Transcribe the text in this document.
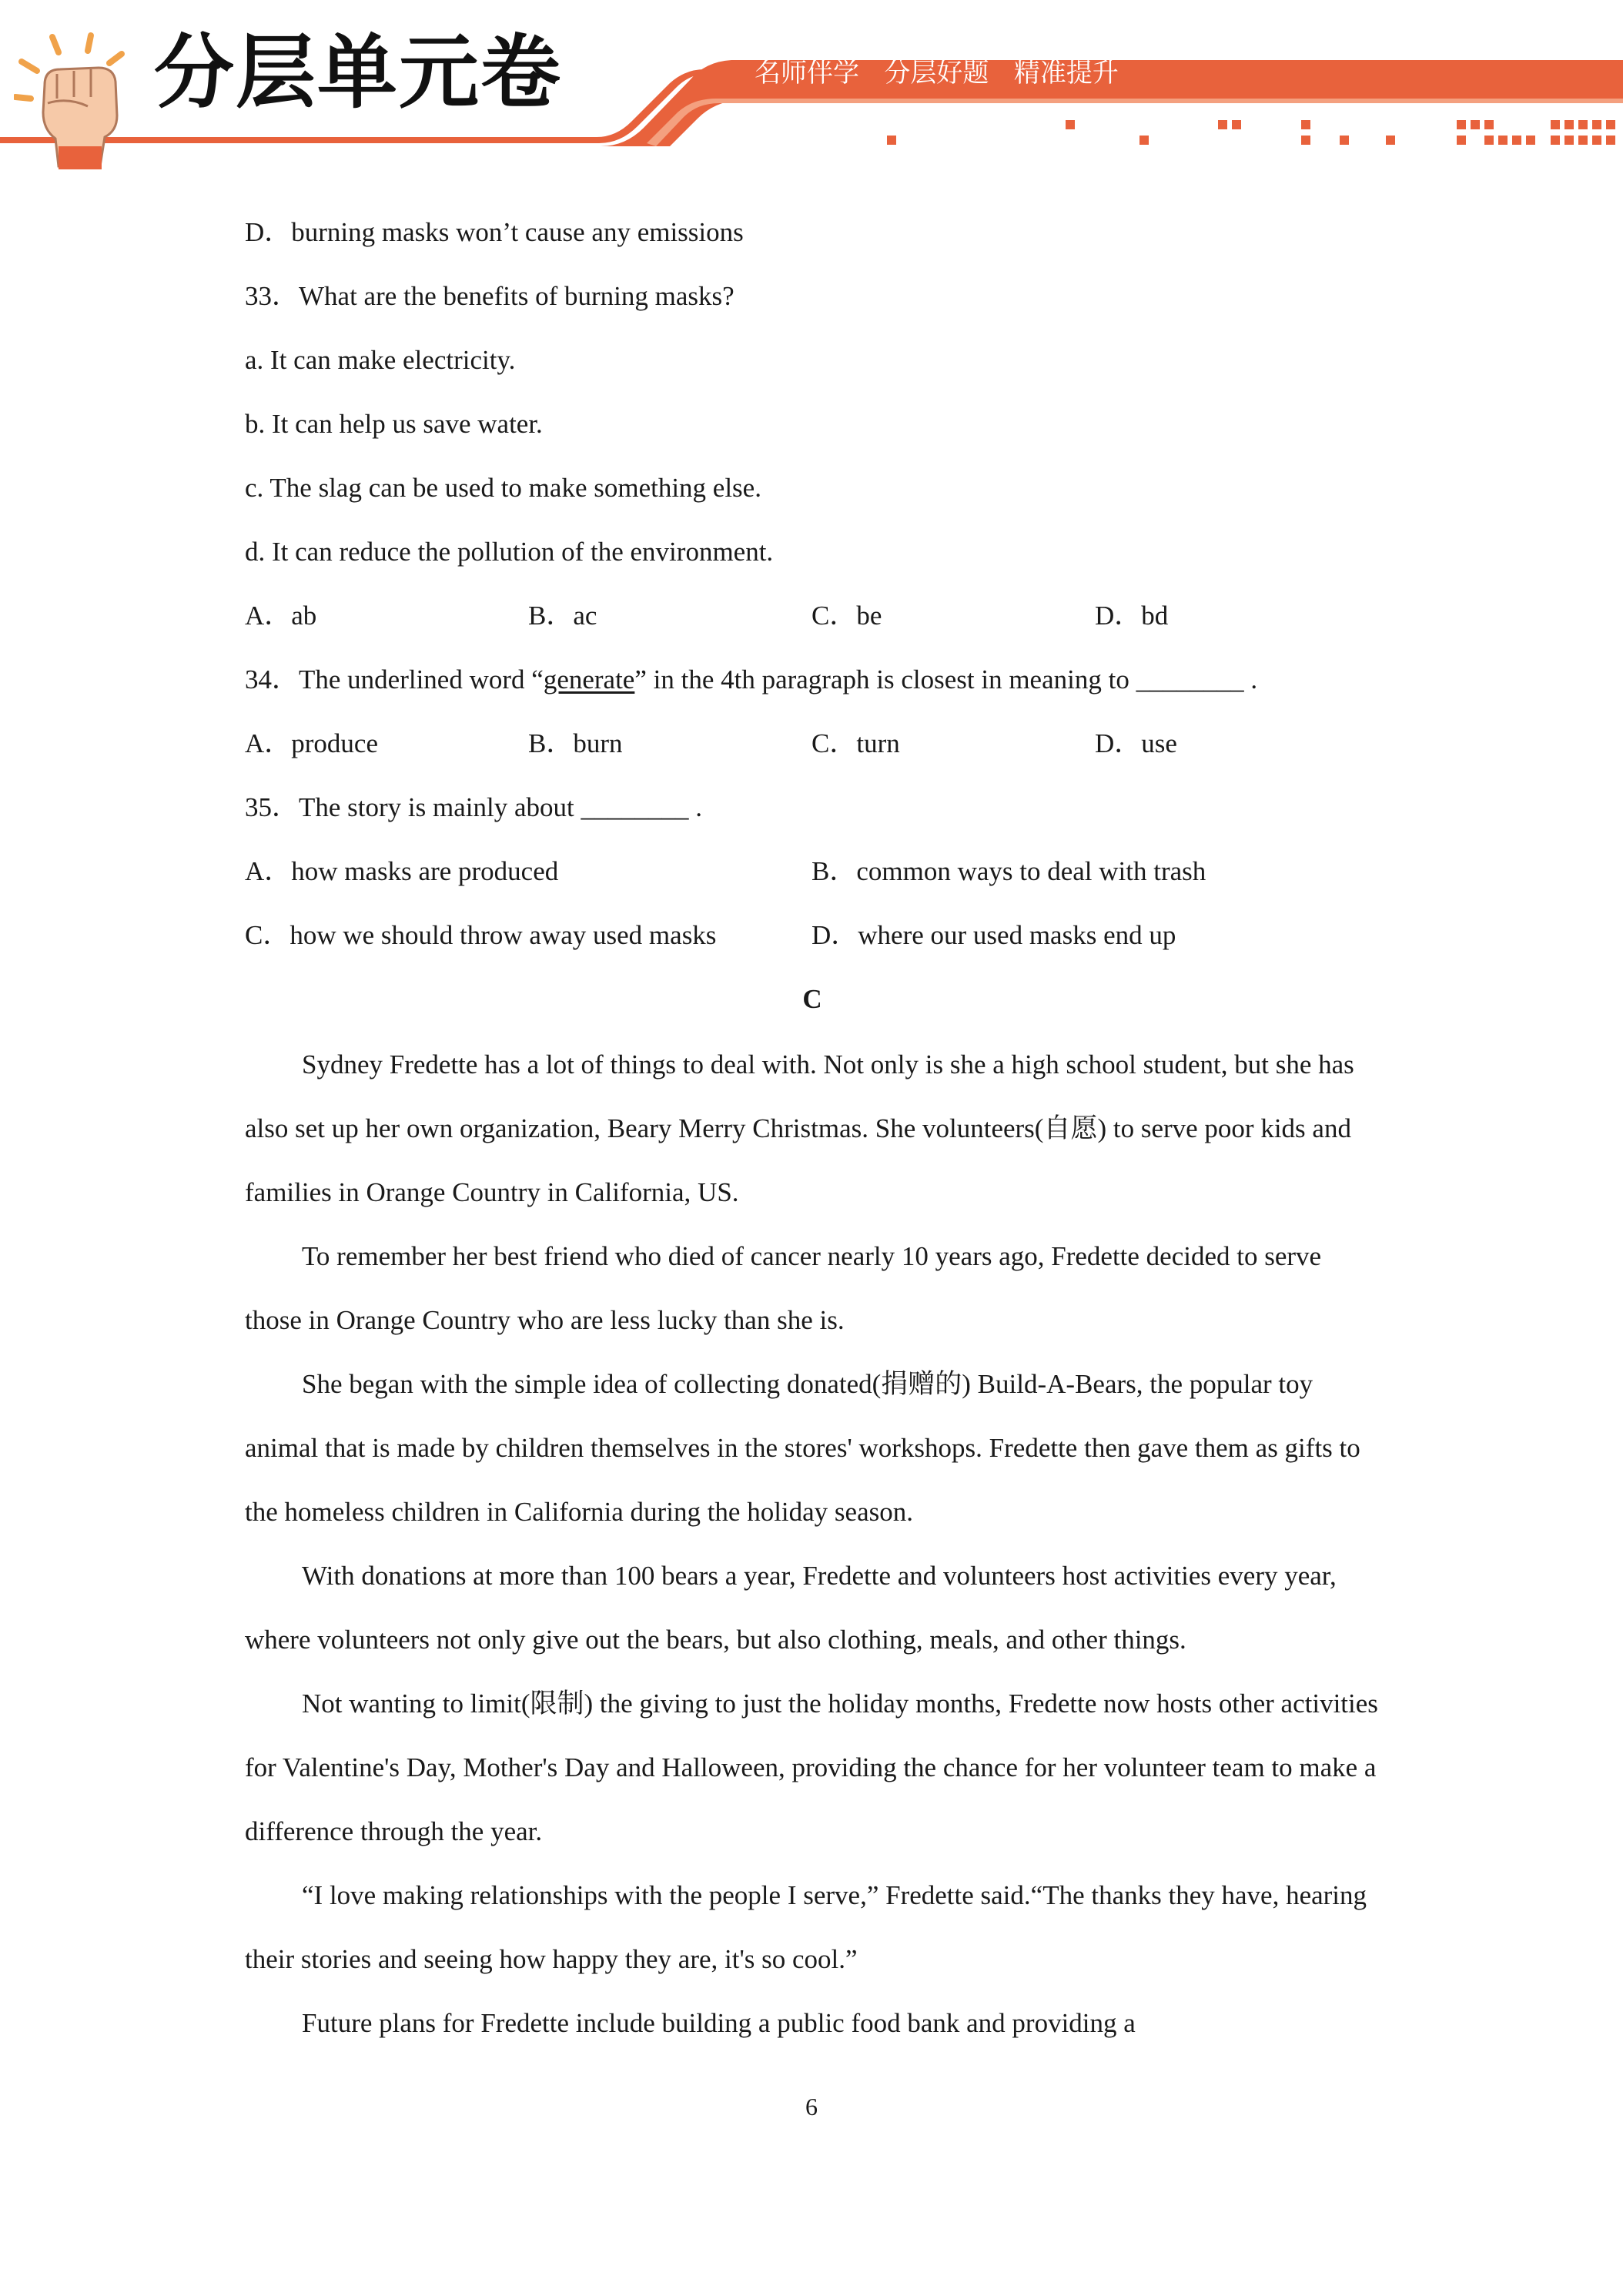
分层单元卷	名师伴学   分层好题   精准提升
D．burning masks won’t cause any emissions
33．What are the benefits of burning masks?
a. It can make electricity.
b. It can help us save water.
c. The slag can be used to make something else.
d. It can reduce the pollution of the environment.
A．ab	B．ac	C．be	D．bd
34．The underlined word “generate” in the 4th paragraph is closest in meaning to ________ .
A．produce	B．burn	C．turn	D．use
35．The story is mainly about ________ .
A．how masks are produced	B．common ways to deal with trash
C．how we should throw away used masks	D．where our used masks end up
C
Sydney Fredette has a lot of things to deal with. Not only is she a high school student, but she has also set up her own organization, Beary Merry Christmas. She volunteers(自愿) to serve poor kids and families in Orange Country in California, US.
To remember her best friend who died of cancer nearly 10 years ago, Fredette decided to serve those in Orange Country who are less lucky than she is.
She began with the simple idea of collecting donated(捐赠的) Build-A-Bears, the popular toy animal that is made by children themselves in the stores' workshops. Fredette then gave them as gifts to the homeless children in California during the holiday season.
With donations at more than 100 bears a year, Fredette and volunteers host activities every year, where volunteers not only give out the bears, but also clothing, meals, and other things.
Not wanting to limit(限制) the giving to just the holiday months, Fredette now hosts other activities for Valentine's Day, Mother's Day and Halloween, providing the chance for her volunteer team to make a difference through the year.
“I love making relationships with the people I serve,” Fredette said.“The thanks they have, hearing their stories and seeing how happy they are, it's so cool.”
Future plans for Fredette include building a public food bank and providing a
6
